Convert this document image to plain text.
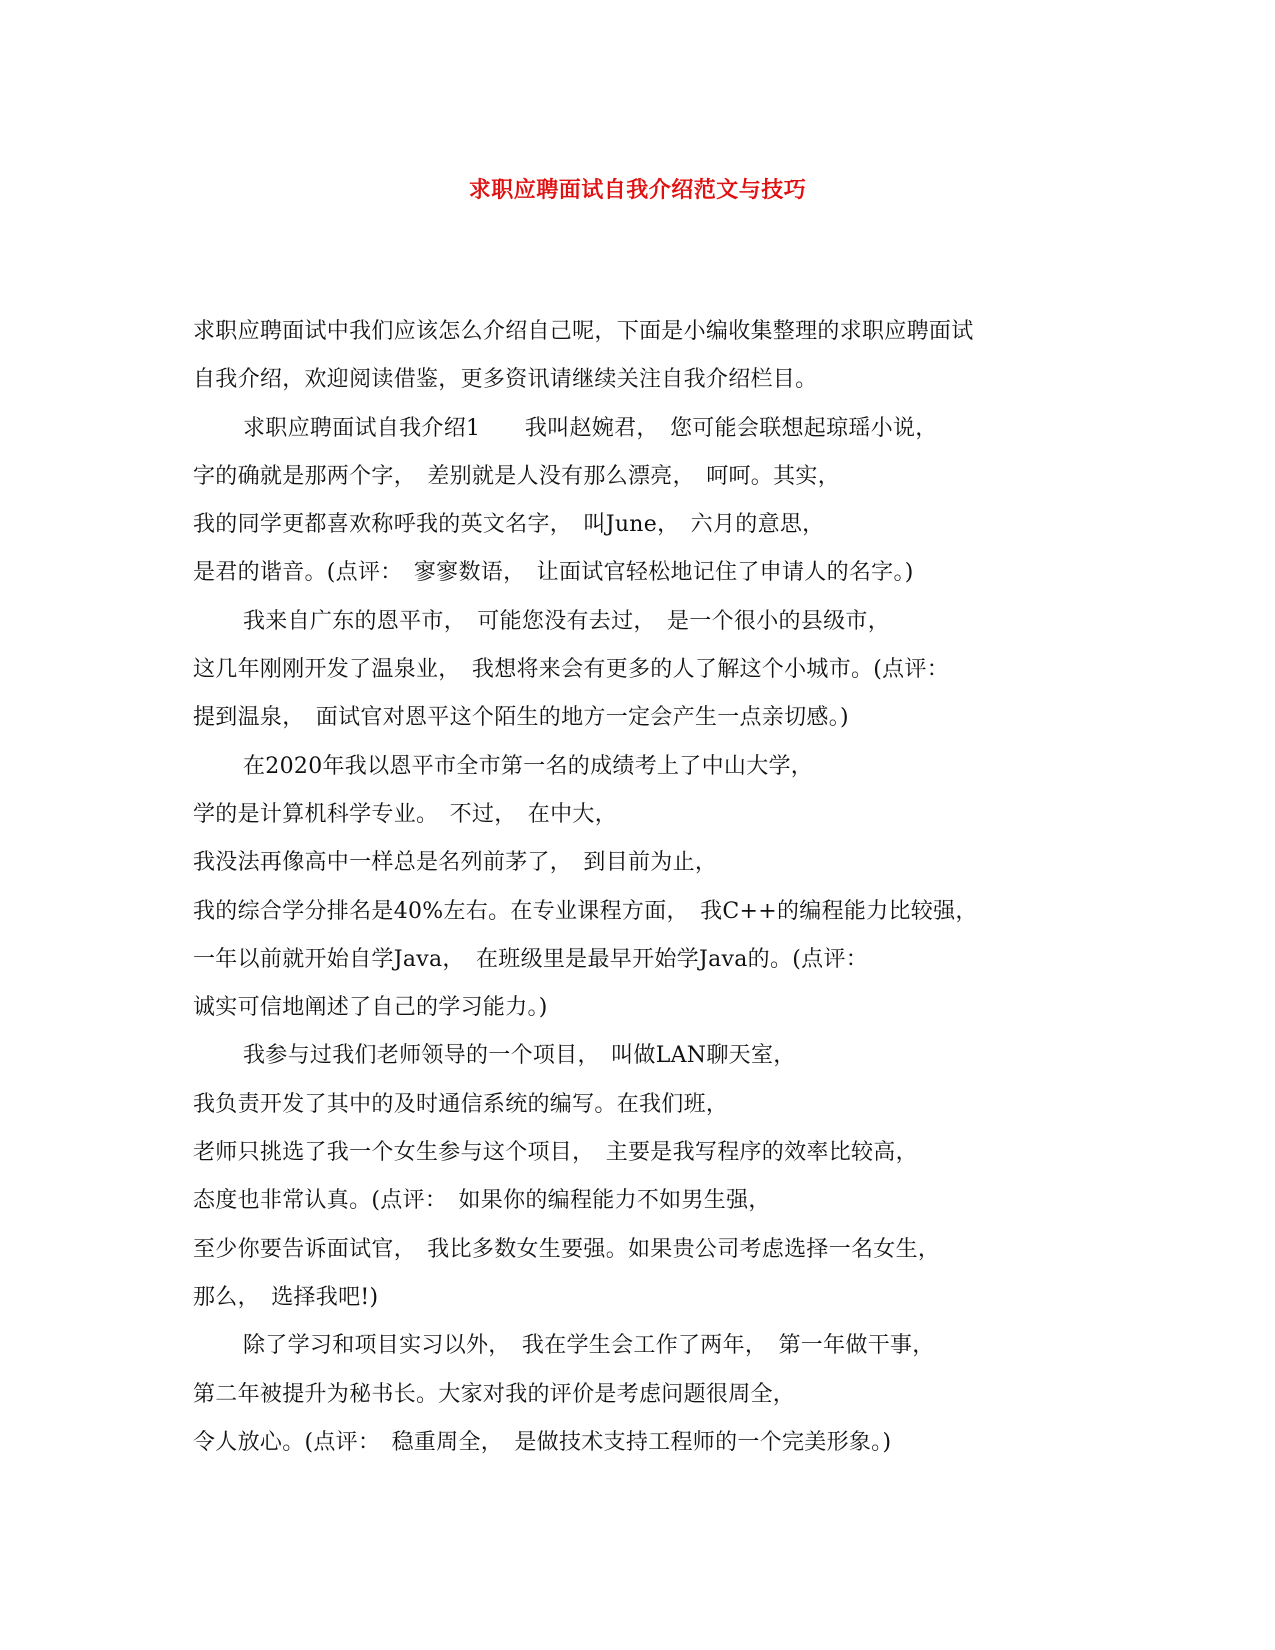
求职应聘面试自我介绍范文与技巧
求职应聘面试中我们应该怎么介绍自己呢，下面是小编收集整理的求职应聘面试
自我介绍，欢迎阅读借鉴，更多资讯请继续关注自我介绍栏目。
求职应聘面试自我介绍1　　我叫赵婉君，　您可能会联想起琼瑶小说，
字的确就是那两个字，　差别就是人没有那么漂亮，　呵呵。其实，
我的同学更都喜欢称呼我的英文名字，　叫June，　六月的意思，
是君的谐音。(点评：　寥寥数语，　让面试官轻松地记住了申请人的名字。)
我来自广东的恩平市，　可能您没有去过，　是一个很小的县级市，
这几年刚刚开发了温泉业，　我想将来会有更多的人了解这个小城市。(点评：
提到温泉，　面试官对恩平这个陌生的地方一定会产生一点亲切感。)
在2020年我以恩平市全市第一名的成绩考上了中山大学，
学的是计算机科学专业。　不过，　在中大，
我没法再像高中一样总是名列前茅了，　到目前为止，
我的综合学分排名是40%左右。在专业课程方面，　我C++的编程能力比较强，
一年以前就开始自学Java，　在班级里是最早开始学Java的。(点评：
诚实可信地阐述了自己的学习能力。)
我参与过我们老师领导的一个项目，　叫做LAN聊天室，
我负责开发了其中的及时通信系统的编写。在我们班，
老师只挑选了我一个女生参与这个项目，　主要是我写程序的效率比较高，
态度也非常认真。(点评：　如果你的编程能力不如男生强，
至少你要告诉面试官，　我比多数女生要强。如果贵公司考虑选择一名女生，
那么，　选择我吧!)
除了学习和项目实习以外，　我在学生会工作了两年，　第一年做干事，
第二年被提升为秘书长。大家对我的评价是考虑问题很周全，
令人放心。(点评：　稳重周全，　是做技术支持工程师的一个完美形象。)
